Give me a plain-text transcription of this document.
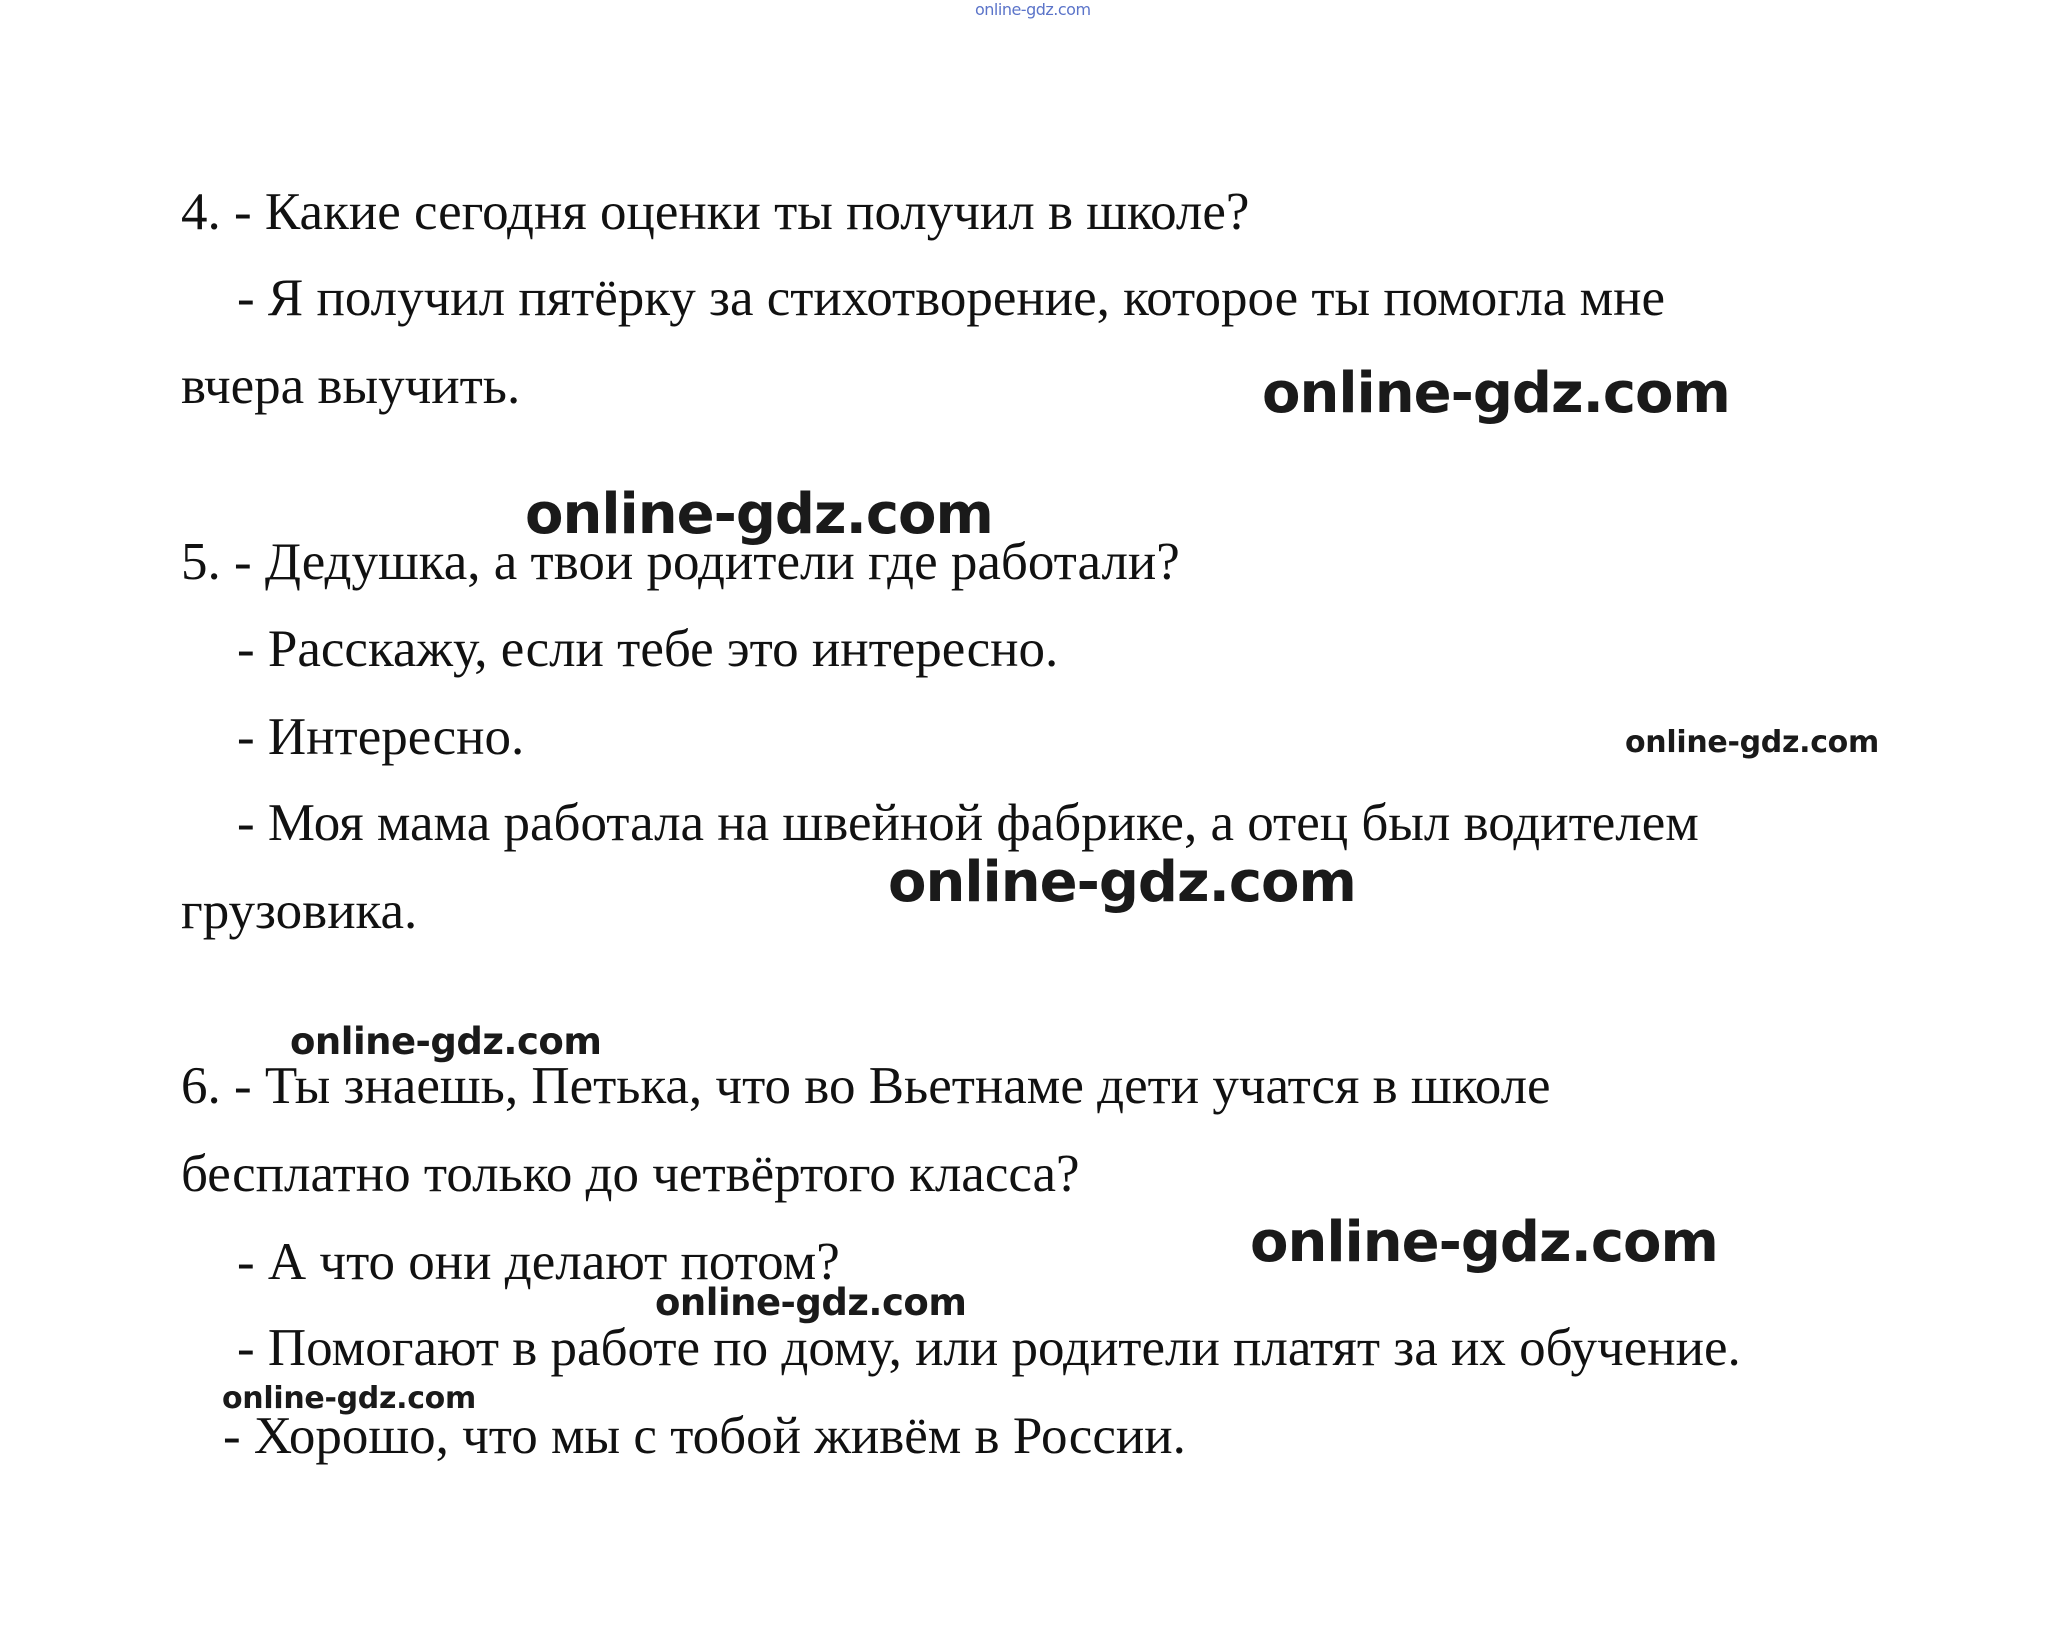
online-gdz.com
4. - Какие сегодня оценки ты получил в школе?
- Я получил пятёрку за стихотворение, которое ты помогла мне
вчера выучить.
5. - Дедушка, а твои родители где работали?
- Расскажу, если тебе это интересно.
- Интересно.
- Моя мама работала на швейной фабрике, а отец был водителем
грузовика.
6. - Ты знаешь, Петька, что во Вьетнаме дети учатся в школе
бесплатно только до четвёртого класса?
- А что они делают потом?
- Помогают в работе по дому, или родители платят за их обучение.
- Хорошо, что мы с тобой живём в России.
online-gdz.com
online-gdz.com
online-gdz.com
online-gdz.com
online-gdz.com
online-gdz.com
online-gdz.com
online-gdz.com
